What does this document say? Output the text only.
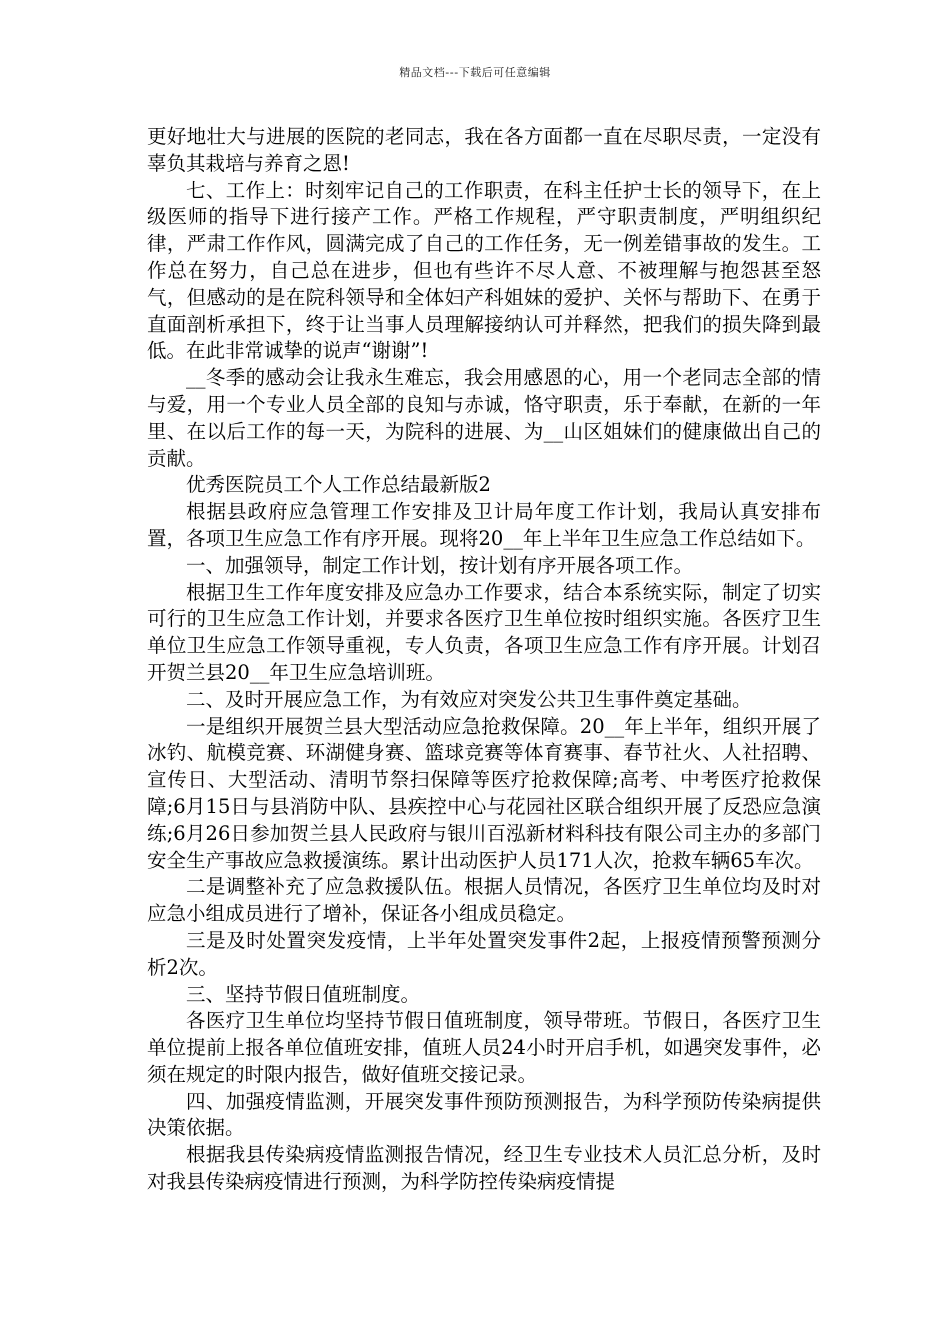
精品文档---下载后可任意编辑

更好地壮大与进展的医院的老同志，我在各方面都一直在尽职尽责，一定没有辜负其栽培与养育之恩!

七、工作上：时刻牢记自己的工作职责，在科主任护士长的领导下，在上级医师的指导下进行接产工作。严格工作规程，严守职责制度，严明组织纪律，严肃工作作风，圆满完成了自己的工作任务，无一例差错事故的发生。工作总在努力，自己总在进步，但也有些许不尽人意、不被理解与抱怨甚至怒气，但感动的是在院科领导和全体妇产科姐妹的爱护、关怀与帮助下、在勇于直面剖析承担下，终于让当事人员理解接纳认可并释然，把我们的损失降到最低。在此非常诚挚的说声“谢谢”!

__冬季的感动会让我永生难忘，我会用感恩的心，用一个老同志全部的情与爱，用一个专业人员全部的良知与赤诚，恪守职责，乐于奉献，在新的一年里、在以后工作的每一天，为院科的进展、为__山区姐妹们的健康做出自己的贡献。

优秀医院员工个人工作总结最新版2

根据县政府应急管理工作安排及卫计局年度工作计划，我局认真安排布置，各项卫生应急工作有序开展。现将20__年上半年卫生应急工作总结如下。

一、加强领导，制定工作计划，按计划有序开展各项工作。

根据卫生工作年度安排及应急办工作要求，结合本系统实际，制定了切实可行的卫生应急工作计划，并要求各医疗卫生单位按时组织实施。各医疗卫生单位卫生应急工作领导重视，专人负责，各项卫生应急工作有序开展。计划召开贺兰县20__年卫生应急培训班。

二、及时开展应急工作，为有效应对突发公共卫生事件奠定基础。

一是组织开展贺兰县大型活动应急抢救保障。20__年上半年，组织开展了冰钓、航模竞赛、环湖健身赛、篮球竞赛等体育赛事、春节社火、人社招聘、宣传日、大型活动、清明节祭扫保障等医疗抢救保障;高考、中考医疗抢救保障;6月15日与县消防中队、县疾控中心与花园社区联合组织开展了反恐应急演练;6月26日参加贺兰县人民政府与银川百泓新材料科技有限公司主办的多部门安全生产事故应急救援演练。累计出动医护人员171人次，抢救车辆65车次。

二是调整补充了应急救援队伍。根据人员情况，各医疗卫生单位均及时对应急小组成员进行了增补，保证各小组成员稳定。

三是及时处置突发疫情，上半年处置突发事件2起，上报疫情预警预测分析2次。

三、坚持节假日值班制度。

各医疗卫生单位均坚持节假日值班制度，领导带班。节假日，各医疗卫生单位提前上报各单位值班安排，值班人员24小时开启手机，如遇突发事件，必须在规定的时限内报告，做好值班交接记录。

四、加强疫情监测，开展突发事件预防预测报告，为科学预防传染病提供决策依据。

根据我县传染病疫情监测报告情况，经卫生专业技术人员汇总分析，及时对我县传染病疫情进行预测，为科学防控传染病疫情提
